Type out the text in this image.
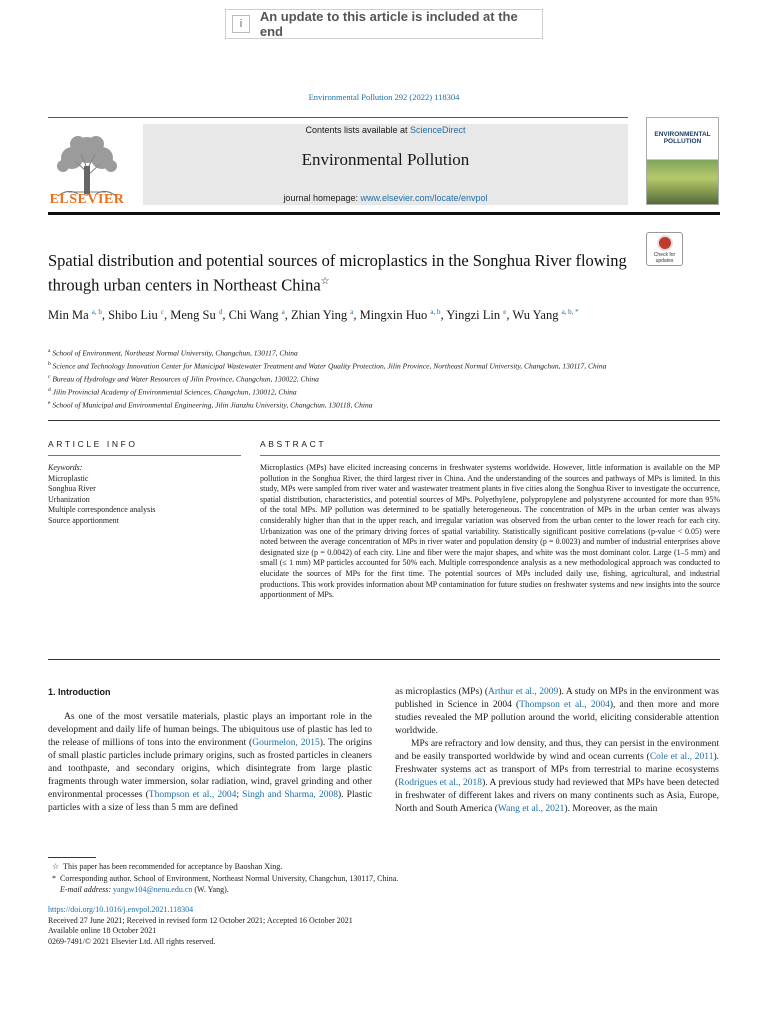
i	An update to this article is included at the end
Environmental Pollution 292 (2022) 118304
Contents lists available at ScienceDirect
Environmental Pollution
journal homepage: www.elsevier.com/locate/envpol
ELSEVIER
ENVIRONMENTAL POLLUTION
Spatial distribution and potential sources of microplastics in the Songhua River flowing through urban centers in Northeast China☆
Check for updates
Min Ma $^{a, b}$, Shibo Liu $^c$, Meng Su $^d$, Chi Wang $^a$, Zhian Ying $^a$, Mingxin Huo $^{a, b}$, Yingzi Lin $^e$, Wu Yang $^{a, b, *}$
$^a$ School of Environment, Northeast Normal University, Changchun, 130117, China
$^b$ Science and Technology Innovation Center for Municipal Wastewater Treatment and Water Quality Protection, Jilin Province, Northeast Normal University, Changchun, 130117, China
$^c$ Bureau of Hydrology and Water Resources of Jilin Province, Changchun, 130022, China
$^d$ Jilin Provincial Academy of Environmental Sciences, Changchun, 130012, China
$^e$ School of Municipal and Environmental Engineering, Jilin Jianzhu University, Changchun, 130118, China
ARTICLE INFO	ABSTRACT
Keywords:
Microplastic
Songhua River
Urbanization
Multiple correspondence analysis
Source apportionment
Microplastics (MPs) have elicited increasing concerns in freshwater systems worldwide. However, little information is available on the MP pollution in the Songhua River, the third largest river in China. And the understanding of the sources and pathways of MPs is limited. In this study, MPs were sampled from river water and wastewater treatment plants in five cities along the Songhua River to investigate the occurrence, spatial distribution, characteristics, and potential sources of MPs. Polyethylene, polypropylene and polystyrene accounted for more than 95% of the total MPs. MP pollution was determined to be spatially heterogeneous. The concentration of MPs in the urban center was always considerably higher than that in the upper reach, and irregular variation was observed from the urban center to the lower reach for each city. Urbanization was one of the primary driving forces of spatial variability. Statistically significant positive correlations (p-value < 0.05) were noted between the average concentration of MPs in river water and population density (p = 0.0023) and number of industrial enterprises above designated size (p = 0.0042) of each city. Line and fiber were the major shapes, and white was the most dominant color. Large (1–5 mm) and small (≤ 1 mm) MP particles accounted for 50% each. Multiple correspondence analysis as a new methodological approach was conducted to elucidate the sources of MPs for the first time. The potential sources of MPs included daily use, fishing, agricultural, and industrial productions. This work provides information about MP contamination for future studies on freshwater systems and new insights into the source apportionment of MPs.

1. Introduction

As one of the most versatile materials, plastic plays an important role in the development and daily life of human beings. The ubiquitous use of plastic has led to the release of millions of tons into the environment (Gourmelon, 2015). The origins of small plastic particles include primary origins, such as frosted particles in cleaners and toothpaste, and secondary origins, which disintegrate from large plastic fragments through water immersion, solar radiation, wind, gravel grinding and other environmental processes (Thompson et al., 2004; Singh and Sharma, 2008). Plastic particles with a size of less than 5 mm are defined

as microplastics (MPs) (Arthur et al., 2009). A study on MPs in the environment was published in Science in 2004 (Thompson et al., 2004), and then more and more studies revealed the MP pollution around the world, eliciting considerable attention worldwide.

MPs are refractory and low density, and thus, they can persist in the environment and be easily transported worldwide by wind and ocean currents (Cole et al., 2011). Freshwater systems act as transport of MPs from terrestrial to marine ecosystems (Rodrigues et al., 2018). A previous study had reviewed that MPs have been detected in freshwater of different lakes and rivers on many continents such as Asia, Europe, North and South America (Wang et al., 2021). Moreover, as the main

☆ This paper has been recommended for acceptance by Baoshan Xing.

* Corresponding author. School of Environment, Northeast Normal University, Changchun, 130117, China.

E-mail address: yangw104@nenu.edu.cn (W. Yang).

https://doi.org/10.1016/j.envpol.2021.118304

Received 27 June 2021; Received in revised form 12 October 2021; Accepted 16 October 2021

Available online 18 October 2021

0269-7491/© 2021 Elsevier Ltd. All rights reserved.
